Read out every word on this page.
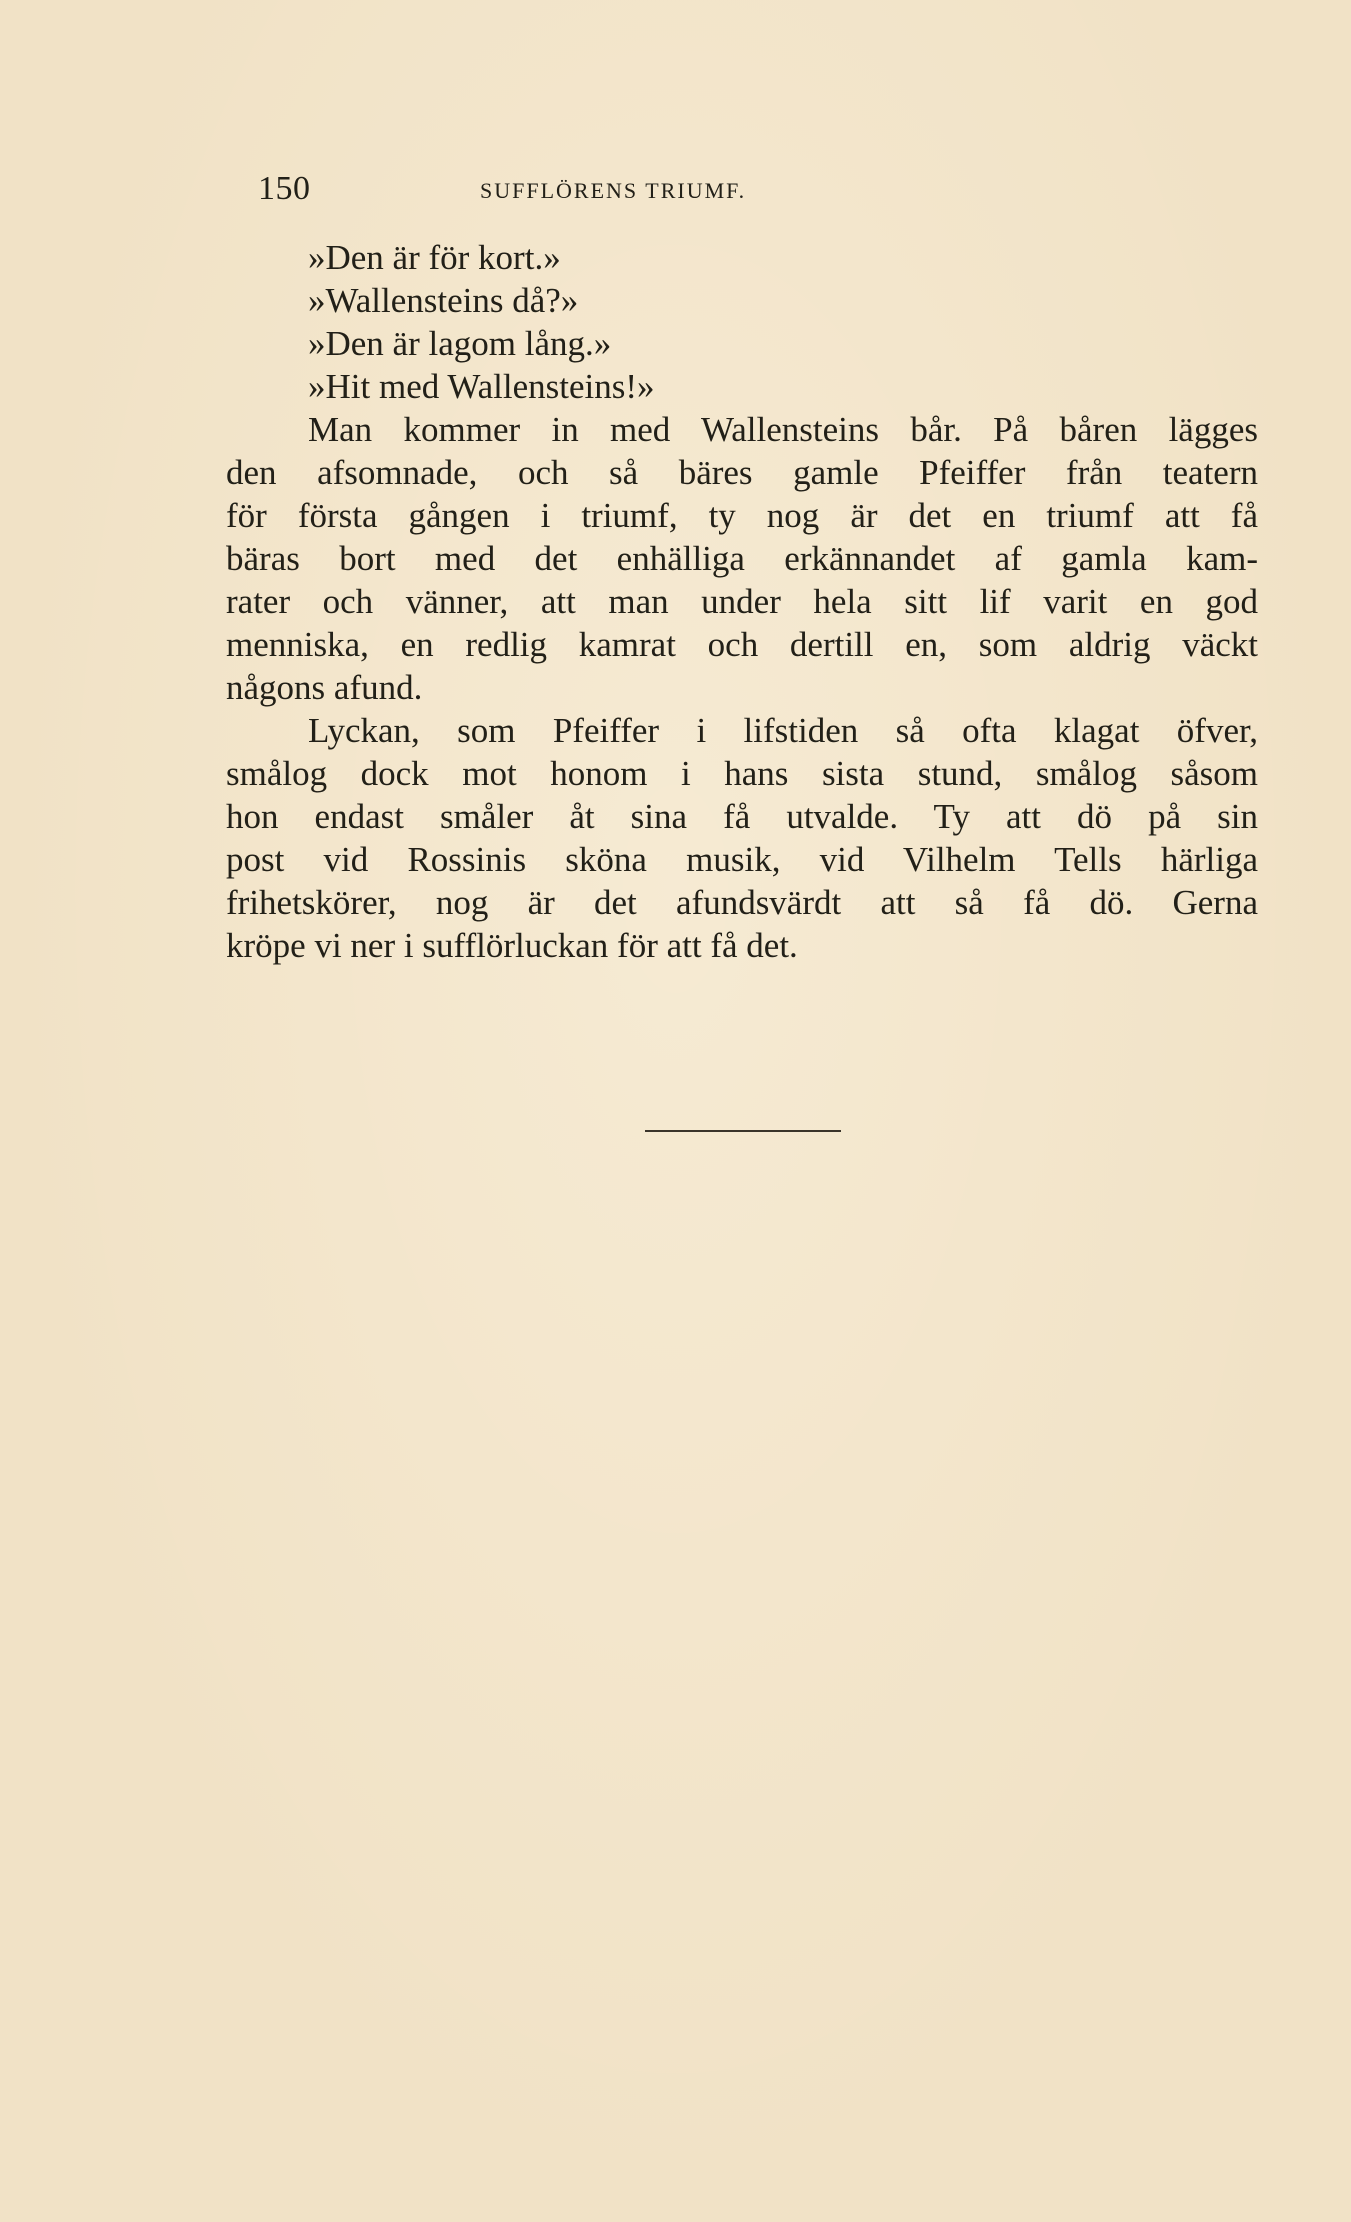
150	SUFFLÖRENS TRIUMF.
»Den är för kort.»
»Wallensteins då?»
»Den är lagom lång.»
»Hit med Wallensteins!»
Man kommer in med Wallensteins bår. På båren lägges
den afsomnade, och så bäres gamle Pfeiffer från teatern
för första gången i triumf, ty nog är det en triumf att få
bäras bort med det enhälliga erkännandet af gamla kam-
rater och vänner, att man under hela sitt lif varit en god
menniska, en redlig kamrat och dertill en, som aldrig väckt
någons afund.
Lyckan, som Pfeiffer i lifstiden så ofta klagat öfver,
smålog dock mot honom i hans sista stund, smålog såsom
hon endast småler åt sina få utvalde. Ty att dö på sin
post vid Rossinis sköna musik, vid Vilhelm Tells härliga
frihetskörer, nog är det afundsvärdt att så få dö. Gerna
kröpe vi ner i sufflörluckan för att få det.
